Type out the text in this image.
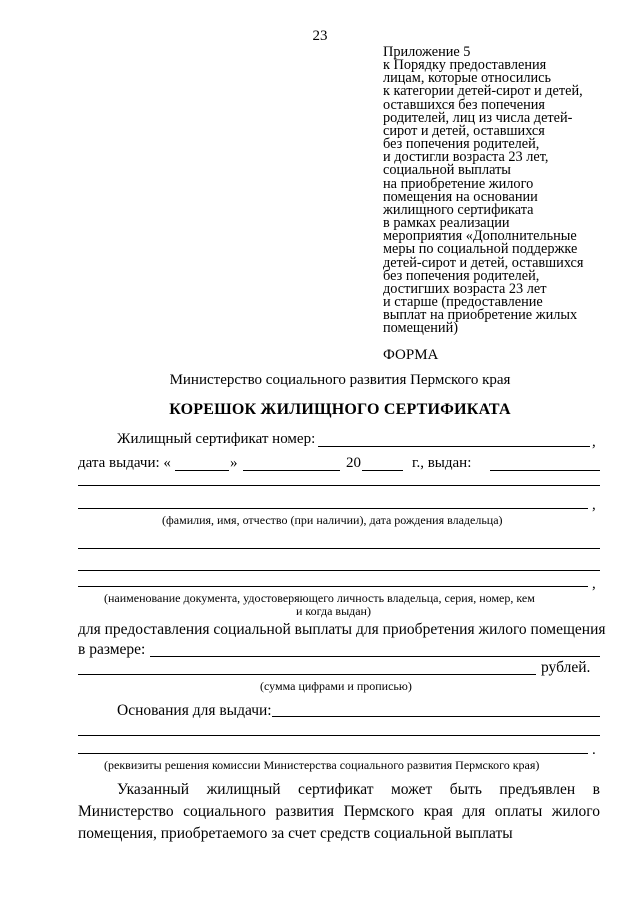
23
Приложение 5
к Порядку предоставления
лицам, которые относились
к категории детей-сирот и детей,
оставшихся без попечения
родителей, лиц из числа детей-
сирот и детей, оставшихся
без попечения родителей,
и достигли возраста 23 лет,
социальной выплаты
на приобретение жилого
помещения на основании
жилищного сертификата
в рамках реализации
мероприятия «Дополнительные
меры по социальной поддержке
детей-сирот и детей, оставшихся
без попечения родителей,
достигших возраста 23 лет
и старше (предоставление
выплат на приобретение жилых
помещений)
ФОРМА
Министерство социального развития Пермского края
КОРЕШОК ЖИЛИЩНОГО СЕРТИФИКАТА
Жилищный сертификат номер:	,
дата выдачи: «	»	20	г., выдан:
,
(фамилия, имя, отчество (при наличии), дата рождения владельца)
,
(наименование документа, удостоверяющего личность владельца, серия, номер, кем
и когда выдан)
для предоставления социальной выплаты для приобретения жилого помещения
в размере:
рублей.
(сумма цифрами и прописью)
Основания для выдачи:
.
(реквизиты решения комиссии Министерства социального развития Пермского края)
Указанный жилищный сертификат может быть предъявлен в Министерство социального развития Пермского края для оплаты жилого помещения, приобретаемого за счет средств социальной выплаты
